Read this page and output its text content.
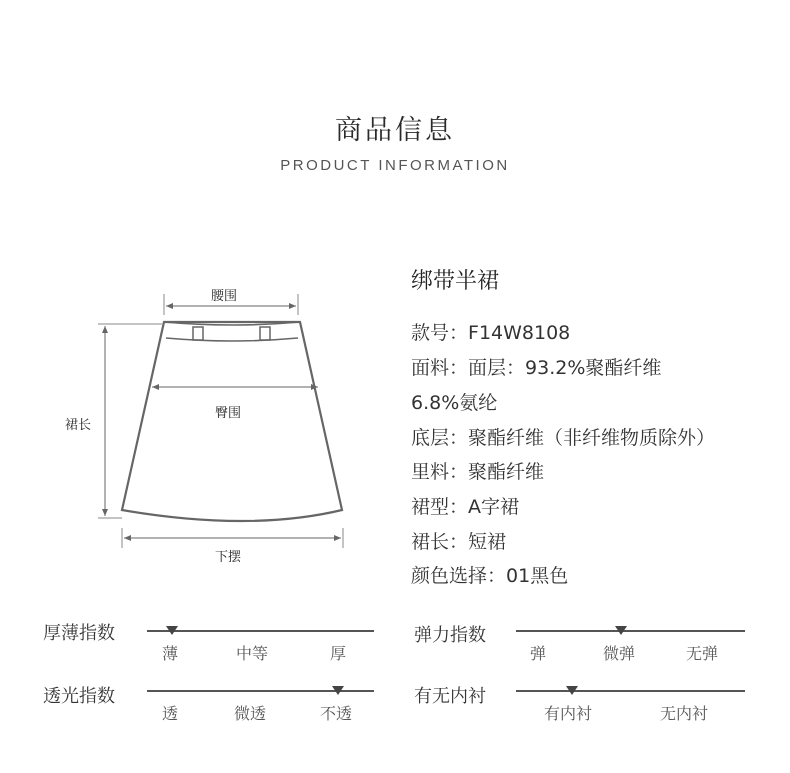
商品信息
PRODUCT INFORMATION
腰围
臀围
裙长
下摆
绑带半裙
款号：F14W8108
面料：面层：93.2%聚酯纤维
6.8%氨纶
底层：聚酯纤维（非纤维物质除外）
里料：聚酯纤维
裙型：A字裙
裙长：短裙
颜色选择：01黑色
厚薄指数
薄	中等	厚
弹力指数
弹	微弹	无弹
透光指数
透	微透	不透
有无内衬
有内衬	无内衬
